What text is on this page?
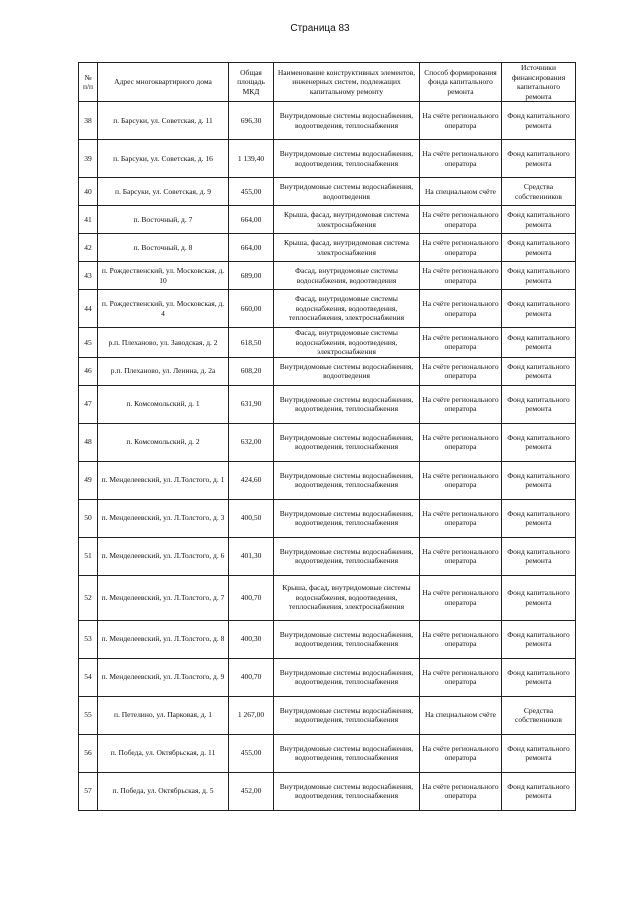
Страница 83
№ п/п	Адрес многоквартирного дома	Общая площадь МКД	Наименование конструктивных элементов, инженерных систем, подлежащих капитальному ремонту	Способ формирования фонда капитального ремонта	Источники финансирования капитального ремонта
38	п. Барсуки, ул. Советская, д. 11	696,30	Внутридомовые системы водоснабжения, водоотведения, теплоснабжения	На счёте регионального оператора	Фонд капитального ремонта
39	п. Барсуки, ул. Советская, д. 16	1 139,40	Внутридомовые системы водоснабжения, водоотведения, теплоснабжения	На счёте регионального оператора	Фонд капитального ремонта
40	п. Барсуки, ул. Советская, д. 9	455,00	Внутридомовые системы водоснабжения, водоотведения	На специальном счёте	Средства собственников
41	п. Восточный, д. 7	664,00	Крыша, фасад, внутридомовая система электроснабжения	На счёте регионального оператора	Фонд капитального ремонта
42	п. Восточный, д. 8	664,00	Крыша, фасад, внутридомовая система электроснабжения	На счёте регионального оператора	Фонд капитального ремонта
43	п. Рождественский, ул. Московская, д. 10	689,00	Фасад, внутридомовые системы водоснабжения, водоотведения	На счёте регионального оператора	Фонд капитального ремонта
44	п. Рождественский, ул. Московская, д. 4	660,00	Фасад, внутридомовые системы водоснабжения, водоотведения, теплоснабжения, электроснабжения	На счёте регионального оператора	Фонд капитального ремонта
45	р.п. Плеханово, ул. Заводская, д. 2	618,50	Фасад, внутридомовые системы водоснабжения, водоотведения, электроснабжения	На счёте регионального оператора	Фонд капитального ремонта
46	р.п. Плеханово, ул. Ленина, д. 2а	608,20	Внутридомовые системы водоснабжения, водоотведения	На счёте регионального оператора	Фонд капитального ремонта
47	п. Комсомольский, д. 1	631,90	Внутридомовые системы водоснабжения, водоотведения, теплоснабжения	На счёте регионального оператора	Фонд капитального ремонта
48	п. Комсомольский, д. 2	632,00	Внутридомовые системы водоснабжения, водоотведения, теплоснабжения	На счёте регионального оператора	Фонд капитального ремонта
49	п. Менделеевский, ул. Л.Толстого, д. 1	424,60	Внутридомовые системы водоснабжения, водоотведения, теплоснабжения	На счёте регионального оператора	Фонд капитального ремонта
50	п. Менделеевский, ул. Л.Толстого, д. 3	400,50	Внутридомовые системы водоснабжения, водоотведения, теплоснабжения	На счёте регионального оператора	Фонд капитального ремонта
51	п. Менделеевский, ул. Л.Толстого, д. 6	401,30	Внутридомовые системы водоснабжения, водоотведения, теплоснабжения	На счёте регионального оператора	Фонд капитального ремонта
52	п. Менделеевский, ул. Л.Толстого, д. 7	400,70	Крыша, фасад, внутридомовые системы водоснабжения, водоотведения, теплоснабжения, электроснабжения	На счёте регионального оператора	Фонд капитального ремонта
53	п. Менделеевский, ул. Л.Толстого, д. 8	400,30	Внутридомовые системы водоснабжения, водоотведения, теплоснабжения	На счёте регионального оператора	Фонд капитального ремонта
54	п. Менделеевский, ул. Л.Толстого, д. 9	400,70	Внутридомовые системы водоснабжения, водоотведения, теплоснабжения	На счёте регионального оператора	Фонд капитального ремонта
55	п. Петелино, ул. Парковая, д. 1	1 267,00	Внутридомовые системы водоснабжения, водоотведения, теплоснабжения	На специальном счёте	Средства собственников
56	п. Победа, ул. Октябрьская, д. 11	455,00	Внутридомовые системы водоснабжения, водоотведения, теплоснабжения	На счёте регионального оператора	Фонд капитального ремонта
57	п. Победа, ул. Октябрьская, д. 5	452,00	Внутридомовые системы водоснабжения, водоотведения, теплоснабжения	На счёте регионального оператора	Фонд капитального ремонта
